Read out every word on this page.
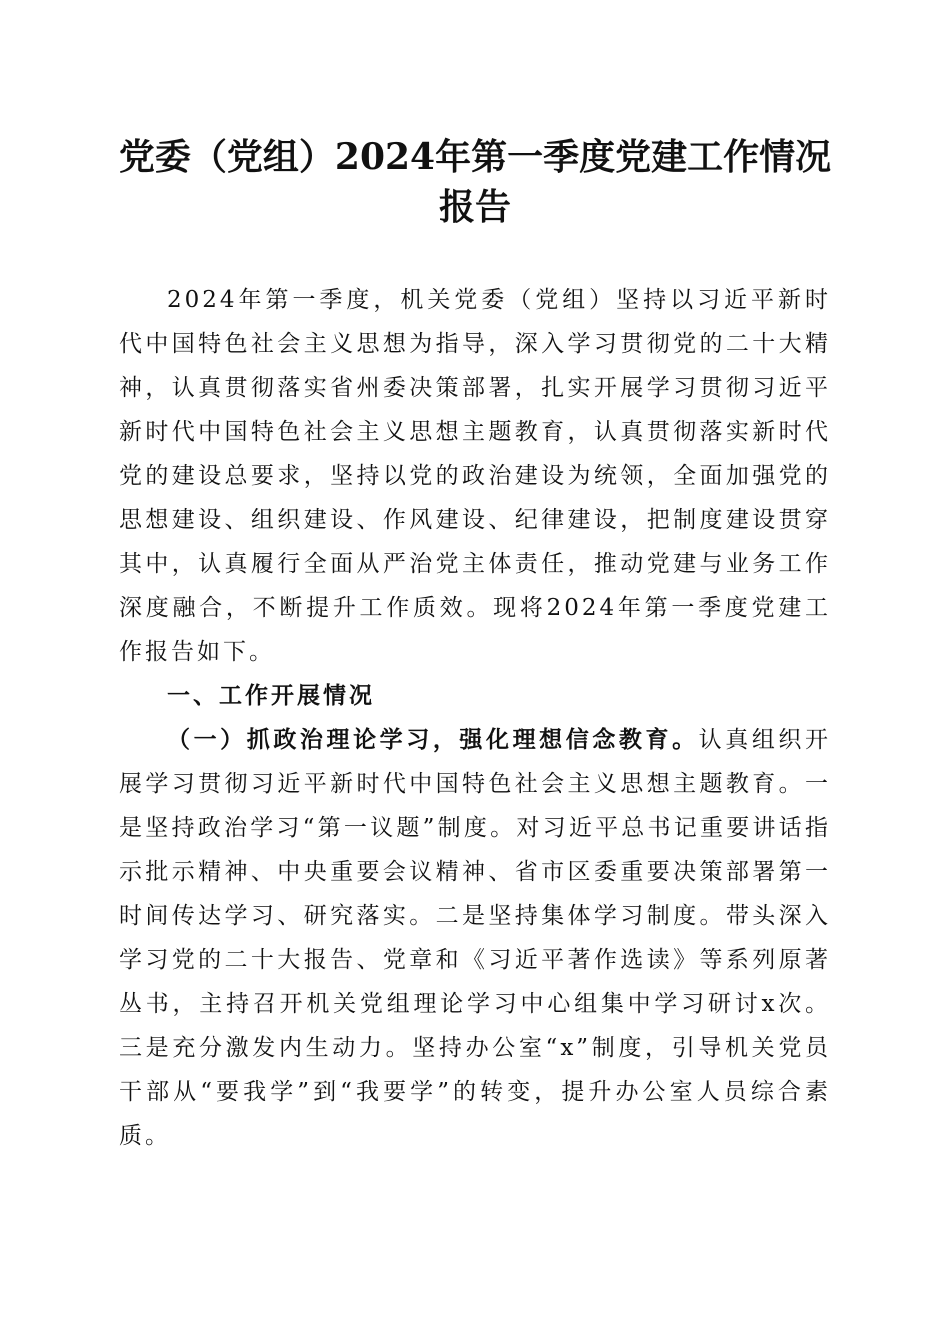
党委（党组）2024年第一季度党建工作情况
报告

2024年第一季度，机关党委（党组）坚持以习近平新时代中国特色社会主义思想为指导，深入学习贯彻党的二十大精神，认真贯彻落实省州委决策部署，扎实开展学习贯彻习近平新时代中国特色社会主义思想主题教育，认真贯彻落实新时代党的建设总要求，坚持以党的政治建设为统领，全面加强党的思想建设、组织建设、作风建设、纪律建设，把制度建设贯穿其中，认真履行全面从严治党主体责任，推动党建与业务工作深度融合，不断提升工作质效。现将2024年第一季度党建工作报告如下。

一、工作开展情况

（一）抓政治理论学习，强化理想信念教育。认真组织开展学习贯彻习近平新时代中国特色社会主义思想主题教育。一是坚持政治学习“第一议题”制度。对习近平总书记重要讲话指示批示精神、中央重要会议精神、省市区委重要决策部署第一时间传达学习、研究落实。二是坚持集体学习制度。带头深入学习党的二十大报告、党章和《习近平著作选读》等系列原著丛书，主持召开机关党组理论学习中心组集中学习研讨x次。三是充分激发内生动力。坚持办公室“x”制度，引导机关党员干部从“要我学”到“我要学”的转变，提升办公室人员综合素质。
